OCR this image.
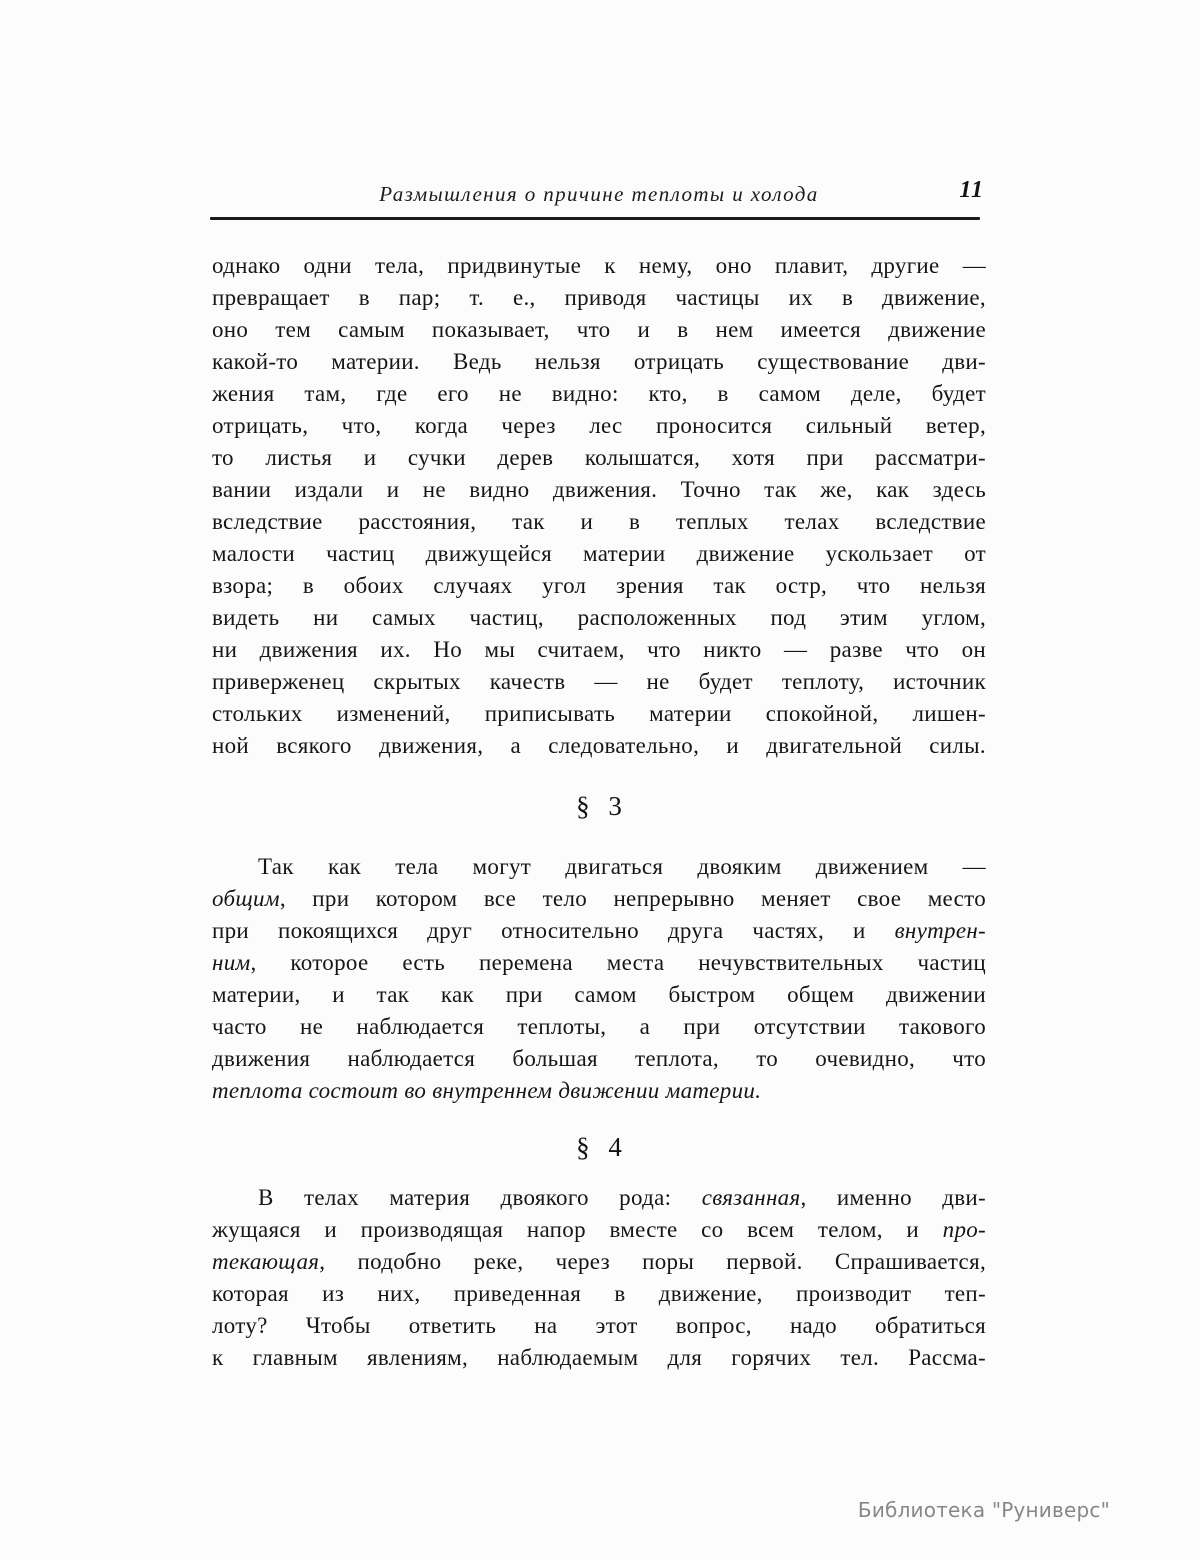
Размышления о причине теплоты и холода	11
однако одни тела, придвинутые к нему, оно плавит, другие —
превращает в пар; т. е., приводя частицы их в движение,
оно тем самым показывает, что и в нем имеется движение
какой-то материи. Ведь нельзя отрицать существование дви-
жения там, где его не видно: кто, в самом деле, будет
отрицать, что, когда через лес проносится сильный ветер,
то листья и сучки дерев колышатся, хотя при рассматри-
вании издали и не видно движения. Точно так же, как здесь
вследствие расстояния, так и в теплых телах вследствие
малости частиц движущейся материи движение ускользает от
взора; в обоих случаях угол зрения так остр, что нельзя
видеть ни самых частиц, расположенных под этим углом,
ни движения их. Но мы считаем, что никто — разве что он
приверженец скрытых качеств — не будет теплоту, источник
стольких изменений, приписывать материи спокойной, лишен-
ной всякого движения, а следовательно, и двигательной силы.
§ 3
Так как тела могут двигаться двояким движением —
общим, при котором все тело непрерывно меняет свое место
при покоящихся друг относительно друга частях, и внутрен-
ним, которое есть перемена места нечувствительных частиц
материи, и так как при самом быстром общем движении
часто не наблюдается теплоты, а при отсутствии такового
движения наблюдается большая теплота, то очевидно, что
теплота состоит во внутреннем движении материи.
§ 4
В телах материя двоякого рода: связанная, именно дви-
жущаяся и производящая напор вместе со всем телом, и про-
текающая, подобно реке, через поры первой. Спрашивается,
которая из них, приведенная в движение, производит теп-
лоту? Чтобы ответить на этот вопрос, надо обратиться
к главным явлениям, наблюдаемым для горячих тел. Рассма-
Библиотека "Руниверс"
